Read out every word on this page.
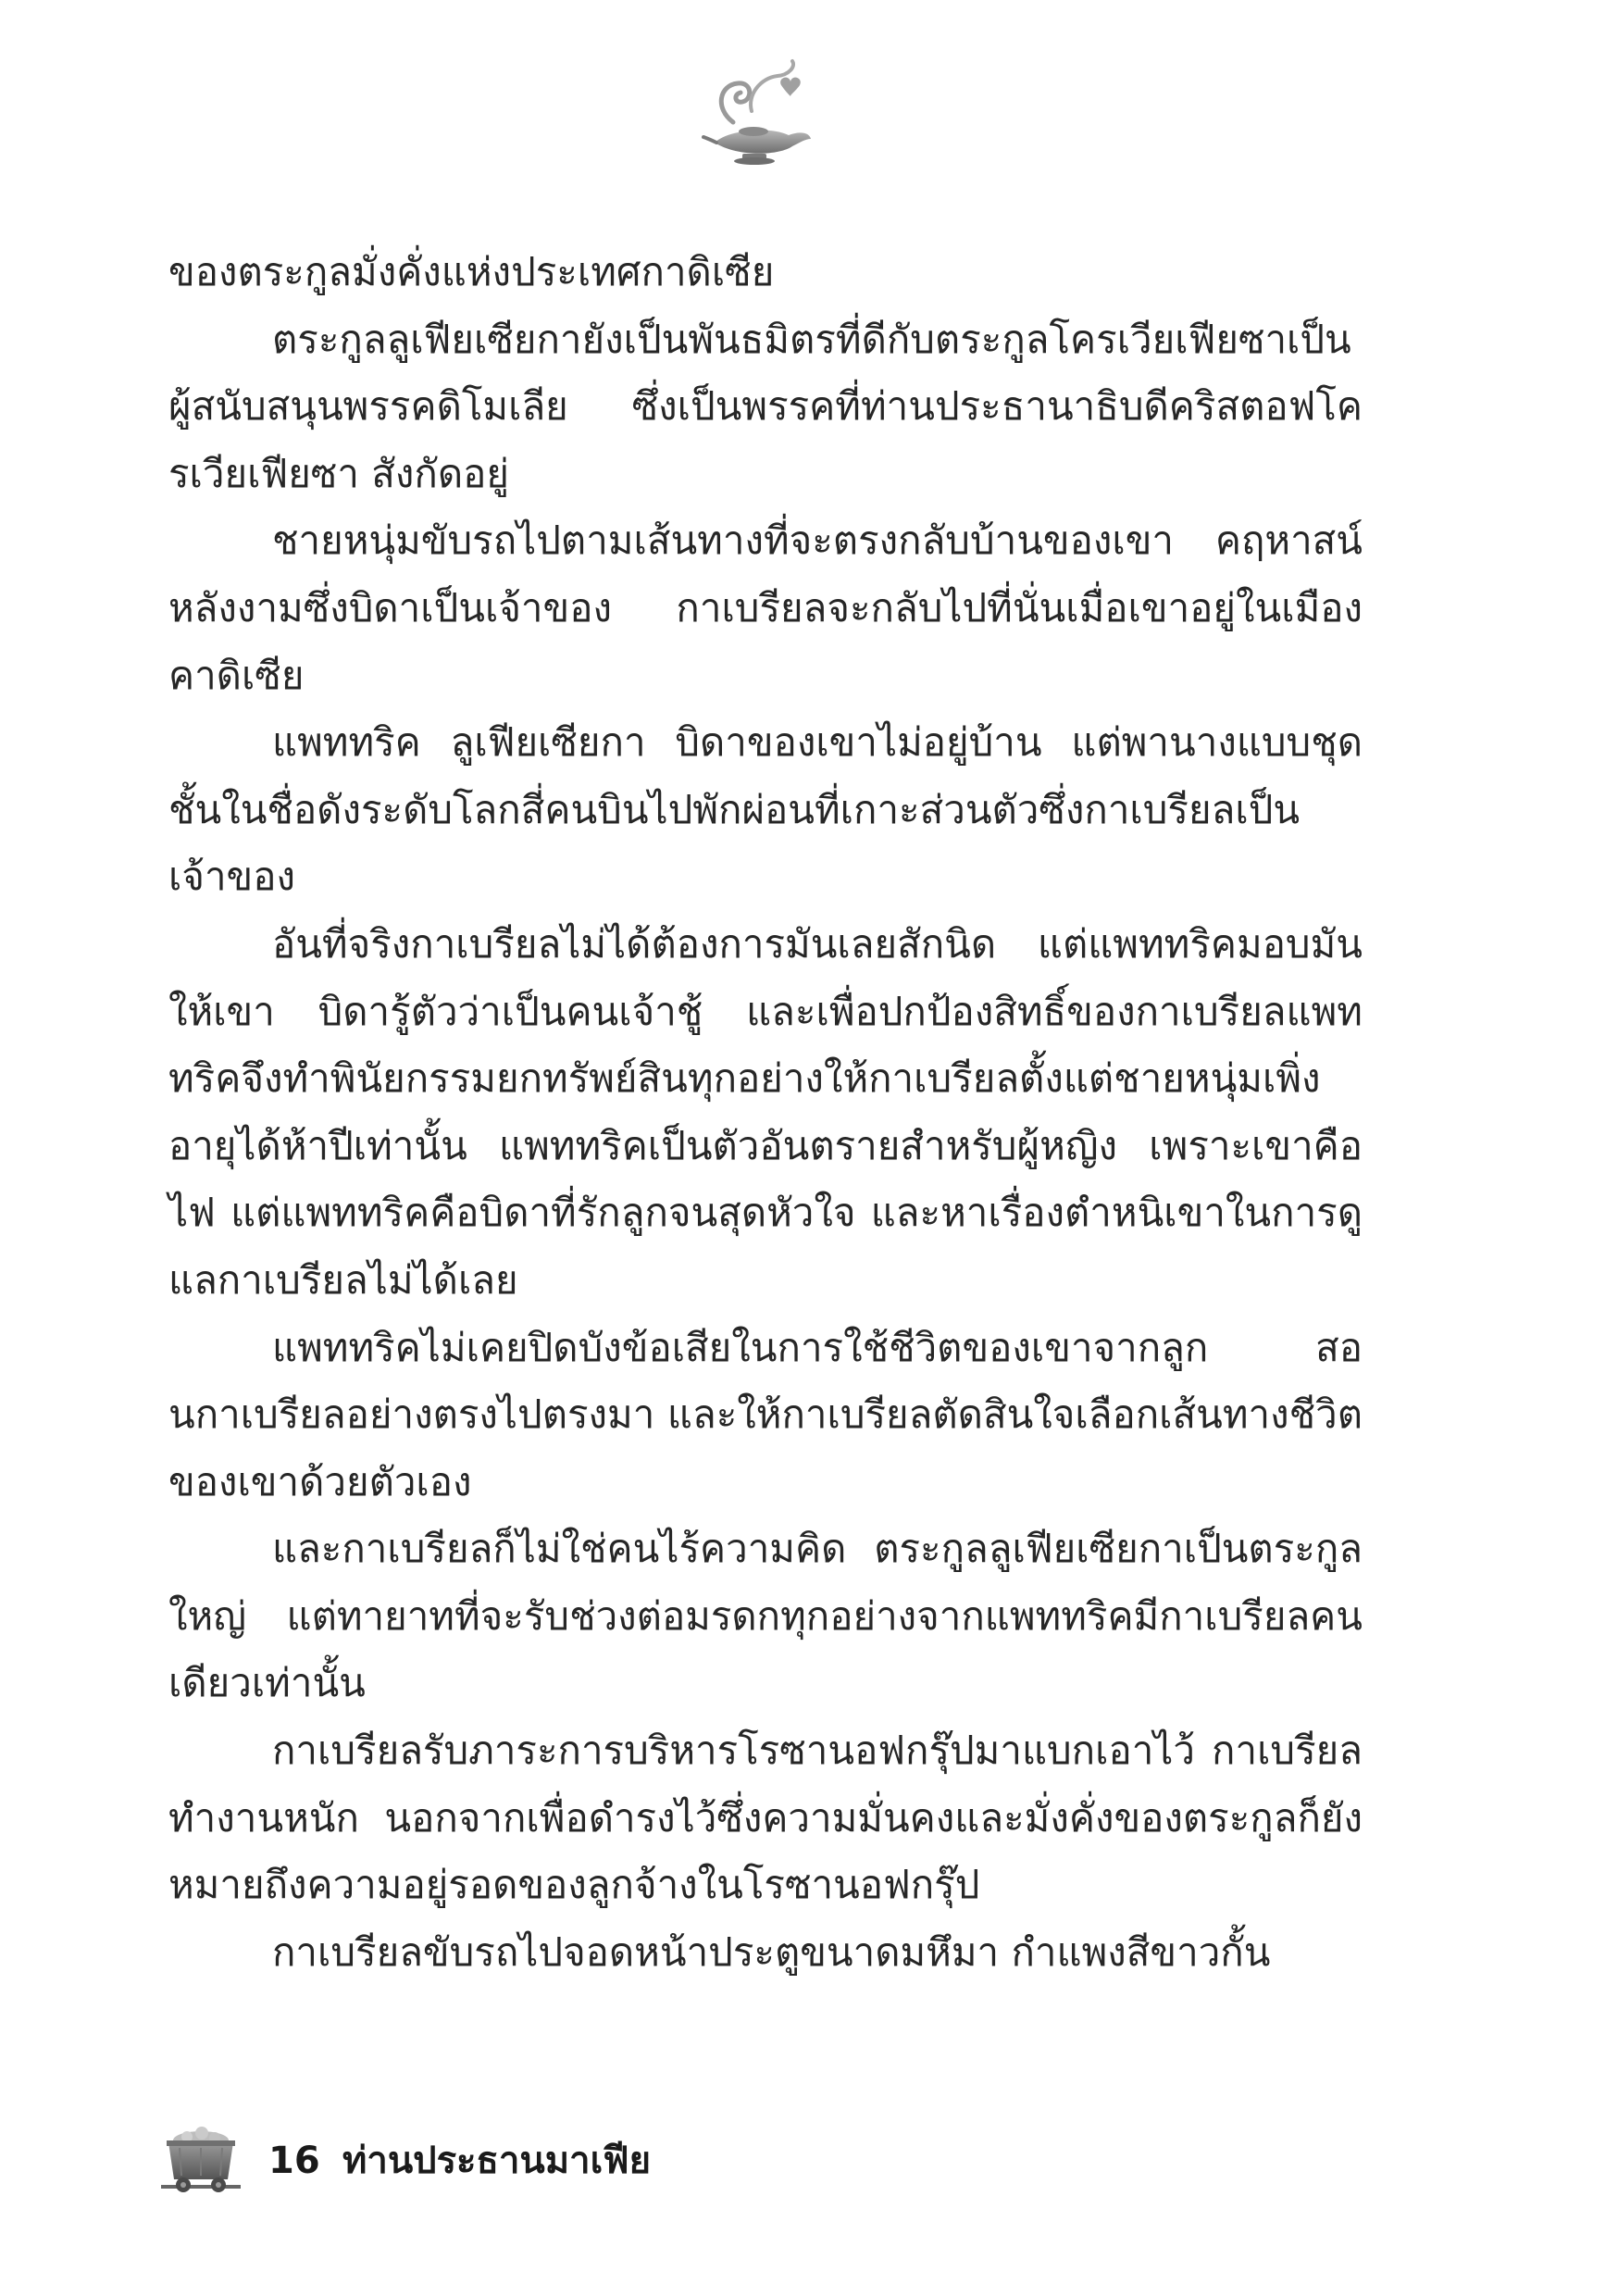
ของตระกูลมั่งคั่งแห่งประเทศกาดิเซีย

ตระกูลลูเฟียเซียกายังเป็นพันธมิตรที่ดีกับตระกูลโครเวียเฟียซาเป็นผู้สนับสนุนพรรคดิโมเลีย ซึ่งเป็นพรรคที่ท่านประธานาธิบดีคริสตอฟโครเวียเฟียซา สังกัดอยู่

ชายหนุ่มขับรถไปตามเส้นทางที่จะตรงกลับบ้านของเขา คฤหาสน์หลังงามซึ่งบิดาเป็นเจ้าของ กาเบรียลจะกลับไปที่นั่นเมื่อเขาอยู่ในเมืองคาดิเซีย

แพททริค ลูเฟียเซียกา บิดาของเขาไม่อยู่บ้าน แต่พานางแบบชุดชั้นในชื่อดังระดับโลกสี่คนบินไปพักผ่อนที่เกาะส่วนตัวซึ่งกาเบรียลเป็นเจ้าของ

อันที่จริงกาเบรียลไม่ได้ต้องการมันเลยสักนิด แต่แพททริคมอบมันให้เขา บิดารู้ตัวว่าเป็นคนเจ้าชู้ และเพื่อปกป้องสิทธิ์ของกาเบรียลแพททริคจึงทำพินัยกรรมยกทรัพย์สินทุกอย่างให้กาเบรียลตั้งแต่ชายหนุ่มเพิ่งอายุได้ห้าปีเท่านั้น แพททริคเป็นตัวอันตรายสำหรับผู้หญิง เพราะเขาคือไฟ แต่แพททริคคือบิดาที่รักลูกจนสุดหัวใจ และหาเรื่องตำหนิเขาในการดูแลกาเบรียลไม่ได้เลย

แพททริคไม่เคยปิดบังข้อเสียในการใช้ชีวิตของเขาจากลูก สอนกาเบรียลอย่างตรงไปตรงมา และให้กาเบรียลตัดสินใจเลือกเส้นทางชีวิตของเขาด้วยตัวเอง

และกาเบรียลก็ไม่ใช่คนไร้ความคิด ตระกูลลูเฟียเซียกาเป็นตระกูลใหญ่ แต่ทายาทที่จะรับช่วงต่อมรดกทุกอย่างจากแพททริคมีกาเบรียลคนเดียวเท่านั้น

กาเบรียลรับภาระการบริหารโรซานอฟกรุ๊ปมาแบกเอาไว้ กาเบรียลทำงานหนัก นอกจากเพื่อดำรงไว้ซึ่งความมั่นคงและมั่งคั่งของตระกูลก็ยังหมายถึงความอยู่รอดของลูกจ้างในโรซานอฟกรุ๊ป

กาเบรียลขับรถไปจอดหน้าประตูขนาดมหึมา กำแพงสีขาวกั้น

16 ท่านประธานมาเฟีย
